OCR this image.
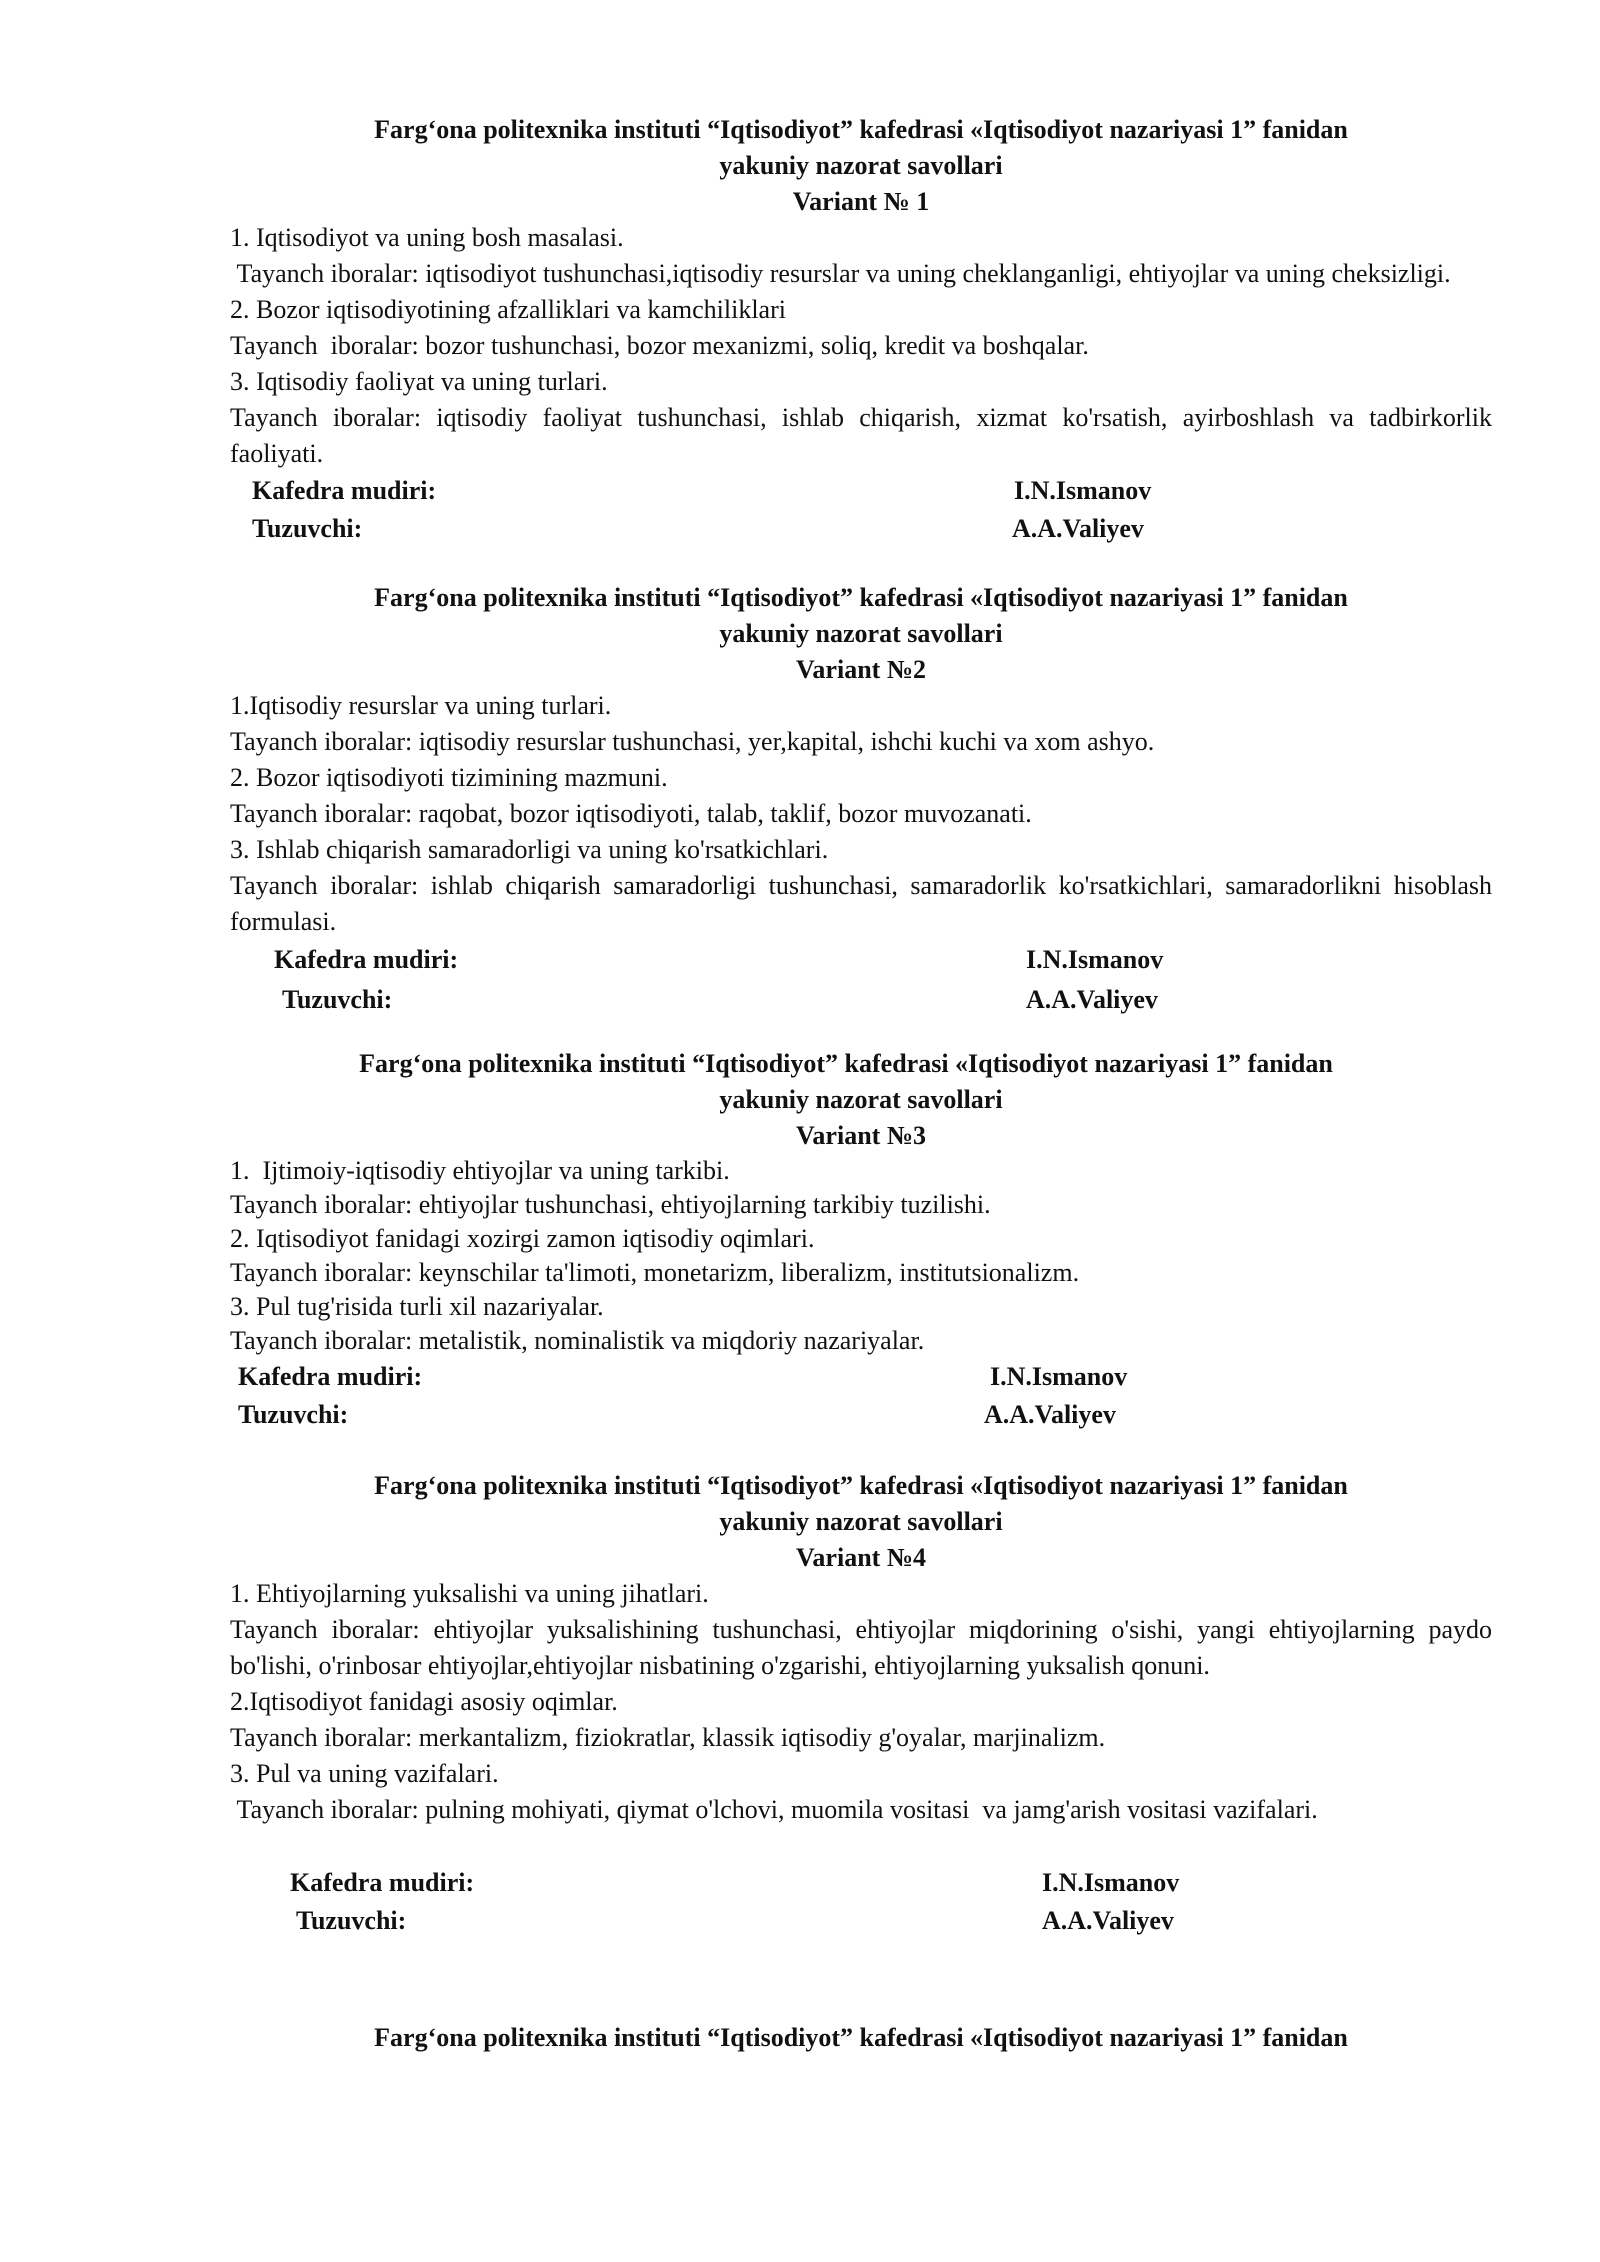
Farg‘ona politexnika instituti “Iqtisodiyot” kafedrasi «Iqtisodiyot nazariyasi 1” fanidan
yakuniy nazorat savollari
Variant № 1
1. Iqtisodiyot va uning bosh masalasi.
Tayanch iboralar: iqtisodiyot tushunchasi,iqtisodiy resurslar va uning cheklanganligi, ehtiyojlar va uning cheksizligi.
2. Bozor iqtisodiyotining afzalliklari va kamchiliklari
Tayanch  iboralar: bozor tushunchasi, bozor mexanizmi, soliq, kredit va boshqalar.
3. Iqtisodiy faoliyat va uning turlari.
Tayanch iboralar: iqtisodiy faoliyat tushunchasi, ishlab chiqarish, xizmat ko'rsatish, ayirboshlash va tadbirkorlik faoliyati.
Kafedra mudiri:	I.N.Ismanov
Tuzuvchi:	A.A.Valiyev
Farg‘ona politexnika instituti “Iqtisodiyot” kafedrasi «Iqtisodiyot nazariyasi 1” fanidan
yakuniy nazorat savollari
Variant №2
1.Iqtisodiy resurslar va uning turlari.
Tayanch iboralar: iqtisodiy resurslar tushunchasi, yer,kapital, ishchi kuchi va xom ashyo.
2. Bozor iqtisodiyoti tizimining mazmuni.
Tayanch iboralar: raqobat, bozor iqtisodiyoti, talab, taklif, bozor muvozanati.
3. Ishlab chiqarish samaradorligi va uning ko'rsatkichlari.
Tayanch iboralar: ishlab chiqarish samaradorligi tushunchasi, samaradorlik ko'rsatkichlari, samaradorlikni hisoblash formulasi.
Kafedra mudiri:	I.N.Ismanov
Tuzuvchi:	A.A.Valiyev
Farg‘ona politexnika instituti “Iqtisodiyot” kafedrasi «Iqtisodiyot nazariyasi 1” fanidan
yakuniy nazorat savollari
Variant №3
1.  Ijtimoiy-iqtisodiy ehtiyojlar va uning tarkibi.
Tayanch iboralar: ehtiyojlar tushunchasi, ehtiyojlarning tarkibiy tuzilishi.
2. Iqtisodiyot fanidagi xozirgi zamon iqtisodiy oqimlari.
Tayanch iboralar: keynschilar ta'limoti, monetarizm, liberalizm, institutsionalizm.
3. Pul tug'risida turli xil nazariyalar.
Tayanch iboralar: metalistik, nominalistik va miqdoriy nazariyalar.
Kafedra mudiri:	I.N.Ismanov
Tuzuvchi:	A.A.Valiyev
Farg‘ona politexnika instituti “Iqtisodiyot” kafedrasi «Iqtisodiyot nazariyasi 1” fanidan
yakuniy nazorat savollari
Variant №4
1. Ehtiyojlarning yuksalishi va uning jihatlari.
Tayanch iboralar: ehtiyojlar yuksalishining tushunchasi, ehtiyojlar miqdorining o'sishi, yangi ehtiyojlarning paydo bo'lishi, o'rinbosar ehtiyojlar,ehtiyojlar nisbatining o'zgarishi, ehtiyojlarning yuksalish qonuni.
2.Iqtisodiyot fanidagi asosiy oqimlar.
Tayanch iboralar: merkantalizm, fiziokratlar, klassik iqtisodiy g'oyalar, marjinalizm.
3. Pul va uning vazifalari.
Tayanch iboralar: pulning mohiyati, qiymat o'lchovi, muomila vositasi  va jamg'arish vositasi vazifalari.
Kafedra mudiri:	I.N.Ismanov
Tuzuvchi:	A.A.Valiyev
Farg‘ona politexnika instituti “Iqtisodiyot” kafedrasi «Iqtisodiyot nazariyasi 1” fanidan
